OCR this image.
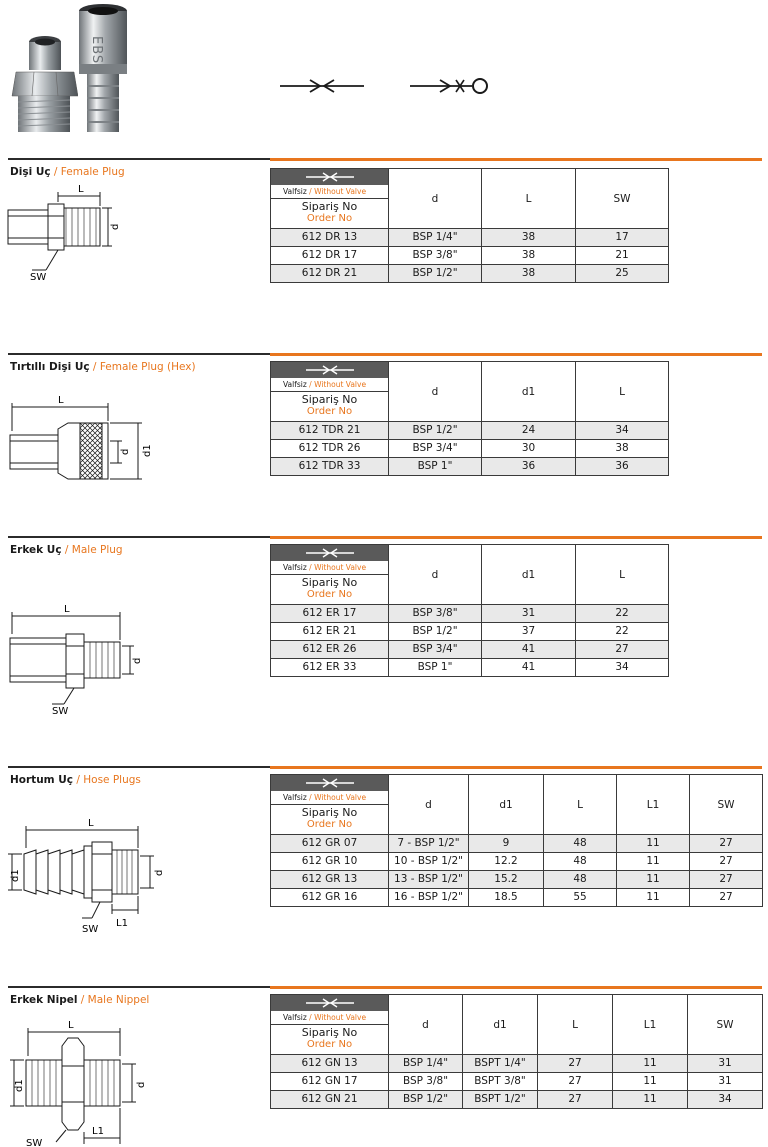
EBS
Dişi Uç / Female Plug
L
d
SW
Valfsiz / Without Valve
Sipariş No
Order No	d	L	SW
612 DR 13	BSP 1/4"	38	17
612 DR 17	BSP 3/8"	38	21
612 DR 21	BSP 1/2"	38	25
Tırtıllı Dişi Uç / Female Plug (Hex)
L
d d1
Valfsiz / Without Valve
Sipariş No
Order No	d	d1	L
612 TDR 21	BSP 1/2"	24	34
612 TDR 26	BSP 3/4"	30	38
612 TDR 33	BSP 1"	36	36
Erkek Uç / Male Plug
L
d
SW
Valfsiz / Without Valve
Sipariş No
Order No	d	d1	L
612 ER 17	BSP 3/8"	31	22
612 ER 21	BSP 1/2"	37	22
612 ER 26	BSP 3/4"	41	27
612 ER 33	BSP 1"	41	34
Hortum Uç / Hose Plugs
L
d1	d
SW
L1
Valfsiz / Without Valve
Sipariş No
Order No	d	d1	L	L1	SW
612 GR 07	7 - BSP 1/2"	9	48	11	27
612 GR 10	10 - BSP 1/2"	12.2	48	11	27
612 GR 13	13 - BSP 1/2"	15.2	48	11	27
612 GR 16	16 - BSP 1/2"	18.5	55	11	27
Erkek Nipel / Male Nippel
L
d1	d
SW
L1
Valfsiz / Without Valve
Sipariş No
Order No	d	d1	L	L1	SW
612 GN 13	BSP 1/4"	BSPT 1/4"	27	11	31
612 GN 17	BSP 3/8"	BSPT 3/8"	27	11	31
612 GN 21	BSP 1/2"	BSPT 1/2"	27	11	34
